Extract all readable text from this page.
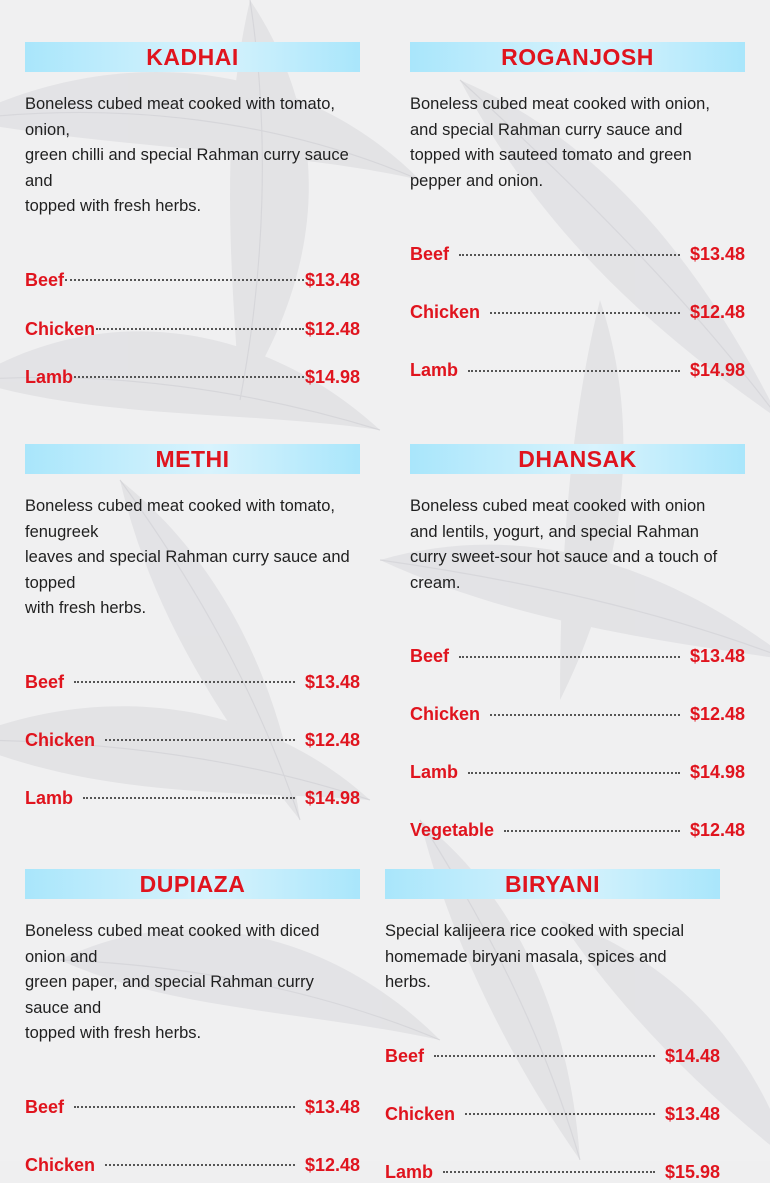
KADHAI
Boneless cubed meat cooked with tomato,
onion,
green chilli and special Rahman curry sauce
and
topped with fresh herbs.
Beef	$13.48
Chicken	$12.48
Lamb	$14.98
ROGANJOSH
Boneless cubed meat cooked with onion,
and special Rahman curry sauce and
topped with sauteed tomato and green
pepper and onion.
Beef	$13.48
Chicken	$12.48
Lamb	$14.98
METHI
Boneless cubed meat cooked with tomato,
fenugreek
leaves and special Rahman curry sauce and
topped
with fresh herbs.
Beef	$13.48
Chicken	$12.48
Lamb	$14.98
DHANSAK
Boneless cubed meat cooked with onion
and lentils, yogurt, and special Rahman
curry sweet-sour hot sauce and a touch of
cream.
Beef	$13.48
Chicken	$12.48
Lamb	$14.98
Vegetable	$12.48
DUPIAZA
Boneless cubed meat cooked with diced
onion and
green paper, and special Rahman curry
sauce and
topped with fresh herbs.
Beef	$13.48
Chicken	$12.48
BIRYANI
Special kalijeera rice cooked with special
homemade biryani masala, spices and
herbs.
Beef	$14.48
Chicken	$13.48
Lamb	$15.98
